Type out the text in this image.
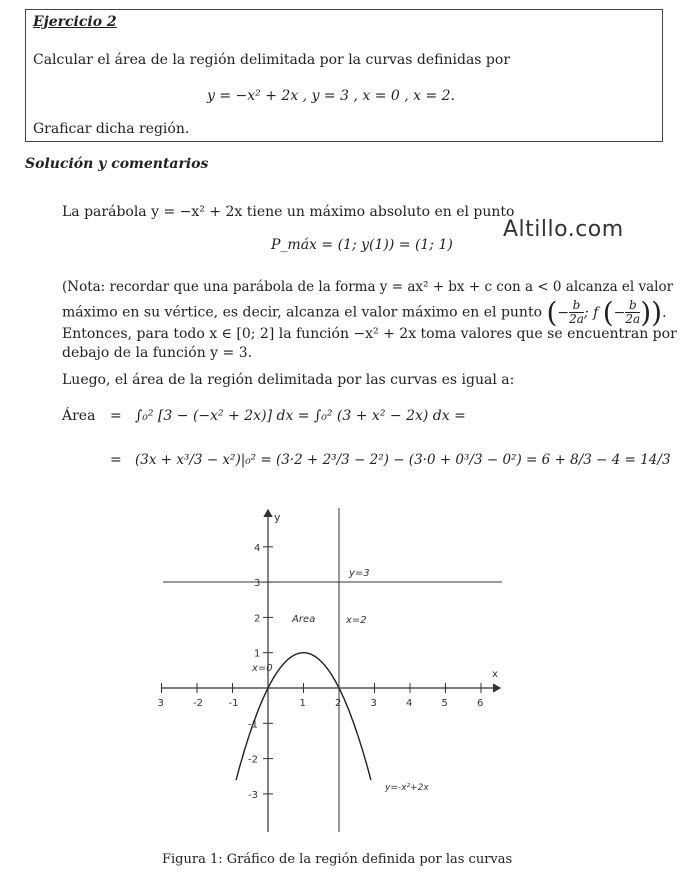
Ejercicio 2
Calcular el área de la región delimitada por la curvas definidas por
y = −x² + 2x , y = 3 , x = 0 , x = 2.
Graficar dicha región.
Solución y comentarios
La parábola y = −x² + 2x tiene un máximo absoluto en el punto
P_máx = (1; y(1)) = (1; 1)
Altillo.com
(Nota: recordar que una parábola de la forma y = ax² + bx + c con a < 0 alcanza el valor
máximo en su vértice, es decir, alcanza el valor máximo en el punto (− $\frac{b}{2a}$ ; f (− $\frac{b}{2a}$ )).
Entonces, para todo x ∈ [0; 2] la función −x² + 2x toma valores que se encuentran por
debajo de la función y = 3.
Luego, el área de la región delimitada por las curvas es igual a:
Área = ∫₀² [3 − (−x² + 2x)] dx = ∫₀² (3 + x² − 2x) dx =
= (3x + x³/3 − x²)|₀² = (3·2 + 2³/3 − 2²) − (3·0 + 0³/3 − 0²) = 6 + 8/3 − 4 = 14/3
3	-2	-1	1	2	3	4	5	6
4
3
2
1
-1
-2
-3
x
y
y=3
x=2
x=0
Area
y=-x²+2x
Figura 1: Gráfico de la región definida por las curvas
